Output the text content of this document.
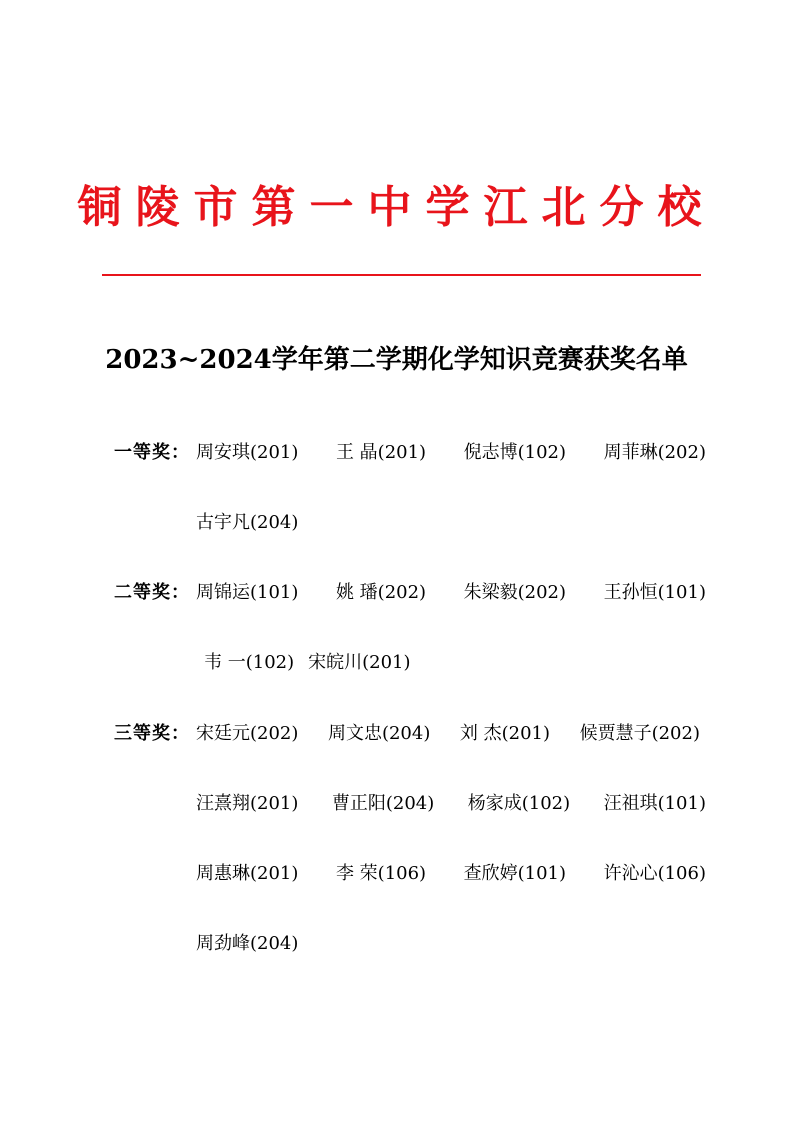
铜陵市第一中学江北分校
2023~2024学年第二学期化学知识竞赛获奖名单
一等奖： 周安琪(201) 王 晶(201) 倪志博(102) 周菲琳(202)
古宇凡(204)
二等奖： 周锦运(101) 姚 璠(202) 朱梁毅(202) 王孙恒(101)
韦 一(102) 宋皖川(201)
三等奖： 宋廷元(202) 周文忠(204) 刘 杰(201) 候贾慧子(202)
汪熹翔(201) 曹正阳(204) 杨家成(102) 汪祖琪(101)
周惠琳(201) 李 荣(106) 查欣婷(101) 许沁心(106)
周劲峰(204)
